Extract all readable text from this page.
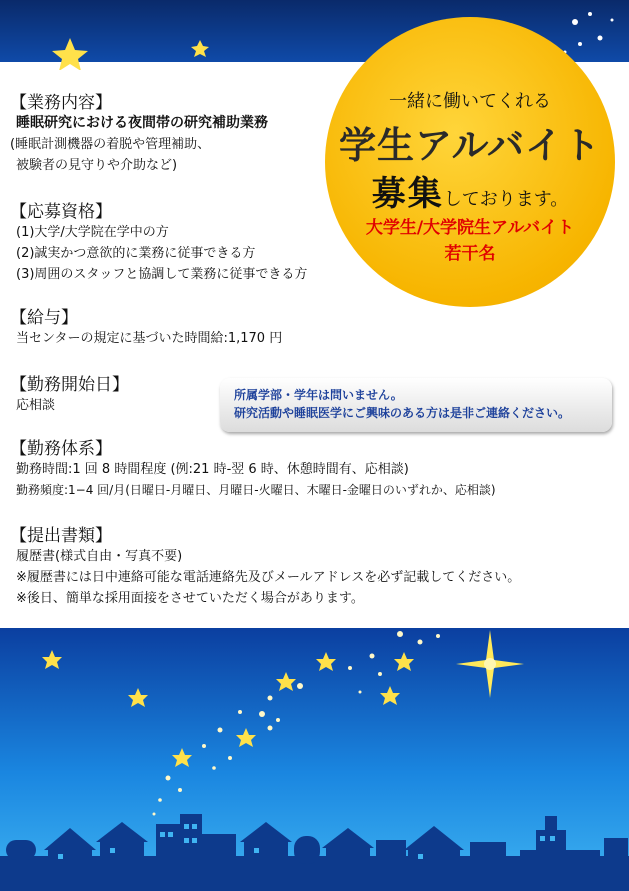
一緒に働いてくれる
学生アルバイト
募集しております。
大学生/大学院生アルバイト
若干名

【業務内容】

睡眠研究における夜間帯の研究補助業務

(睡眠計測機器の着脱や管理補助、

被験者の見守りや介助など)

【応募資格】

(1)大学/大学院在学中の方

(2)誠実かつ意欲的に業務に従事できる方

(3)周囲のスタッフと協調して業務に従事できる方

【給与】

当センターの規定に基づいた時間給:1,170 円

【勤務開始日】

応相談

所属学部・学年は問いません。

研究活動や睡眠医学にご興味のある方は是非ご連絡ください。

【勤務体系】

勤務時間:1 回 8 時間程度 (例:21 時-翌 6 時、休憩時間有、応相談)

勤務頻度:1−4 回/月(日曜日-月曜日、月曜日-火曜日、木曜日-金曜日のいずれか、応相談)

【提出書類】

履歴書(様式自由・写真不要)

※履歴書には日中連絡可能な電話連絡先及びメールアドレスを必ず記載してください。

※後日、簡単な採用面接をさせていただく場合があります。
